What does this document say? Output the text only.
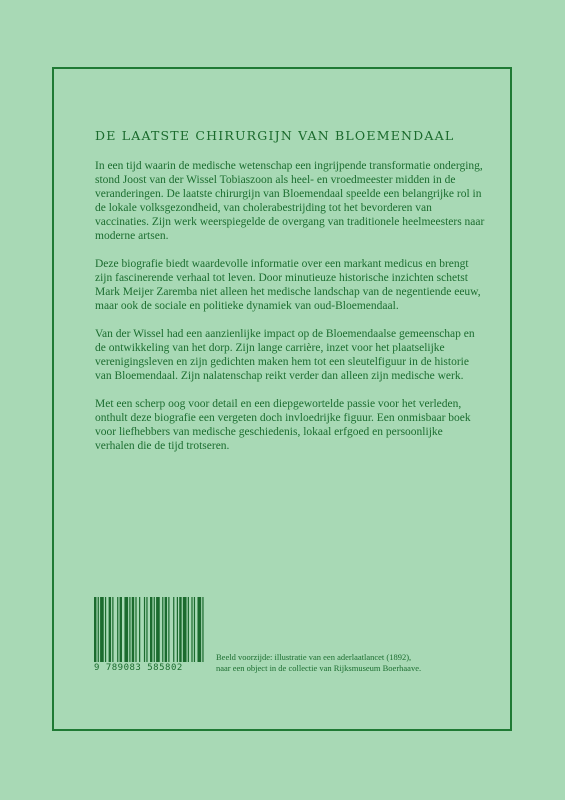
DE LAATSTE CHIRURGIJN VAN BLOEMENDAAL

In een tijd waarin de medische wetenschap een ingrijpende transformatie onderging, stond Joost van der Wissel Tobiaszoon als heel- en vroedmeester midden in de veranderingen. De laatste chirurgijn van Bloemendaal speelde een belangrijke rol in de lokale volksgezondheid, van cholerabestrijding tot het bevorderen van vaccinaties. Zijn werk weerspiegelde de overgang van traditionele heelmeesters naar moderne artsen.

Deze biografie biedt waardevolle informatie over een markant medicus en brengt zijn fascinerende verhaal tot leven. Door minutieuze historische inzichten schetst Mark Meijer Zaremba niet alleen het medische landschap van de negentiende eeuw, maar ook de sociale en politieke dynamiek van oud-Bloemendaal.

Van der Wissel had een aanzienlijke impact op de Bloemendaalse gemeenschap en de ontwikkeling van het dorp. Zijn lange carrière, inzet voor het plaatselijke verenigingsleven en zijn gedichten maken hem tot een sleutelfiguur in de historie van Bloemendaal. Zijn nalatenschap reikt verder dan alleen zijn medische werk.

Met een scherp oog voor detail en een diepgewortelde passie voor het verleden, onthult deze biografie een vergeten doch invloedrijke figuur. Een onmisbaar boek voor liefhebbers van medische geschiedenis, lokaal erfgoed en persoonlijke verhalen die de tijd trotseren.

9 789083 585802
Beeld voorzijde: illustratie van een aderlaatlancet (1892),
naar een object in de collectie van Rijksmuseum Boerhaave.
